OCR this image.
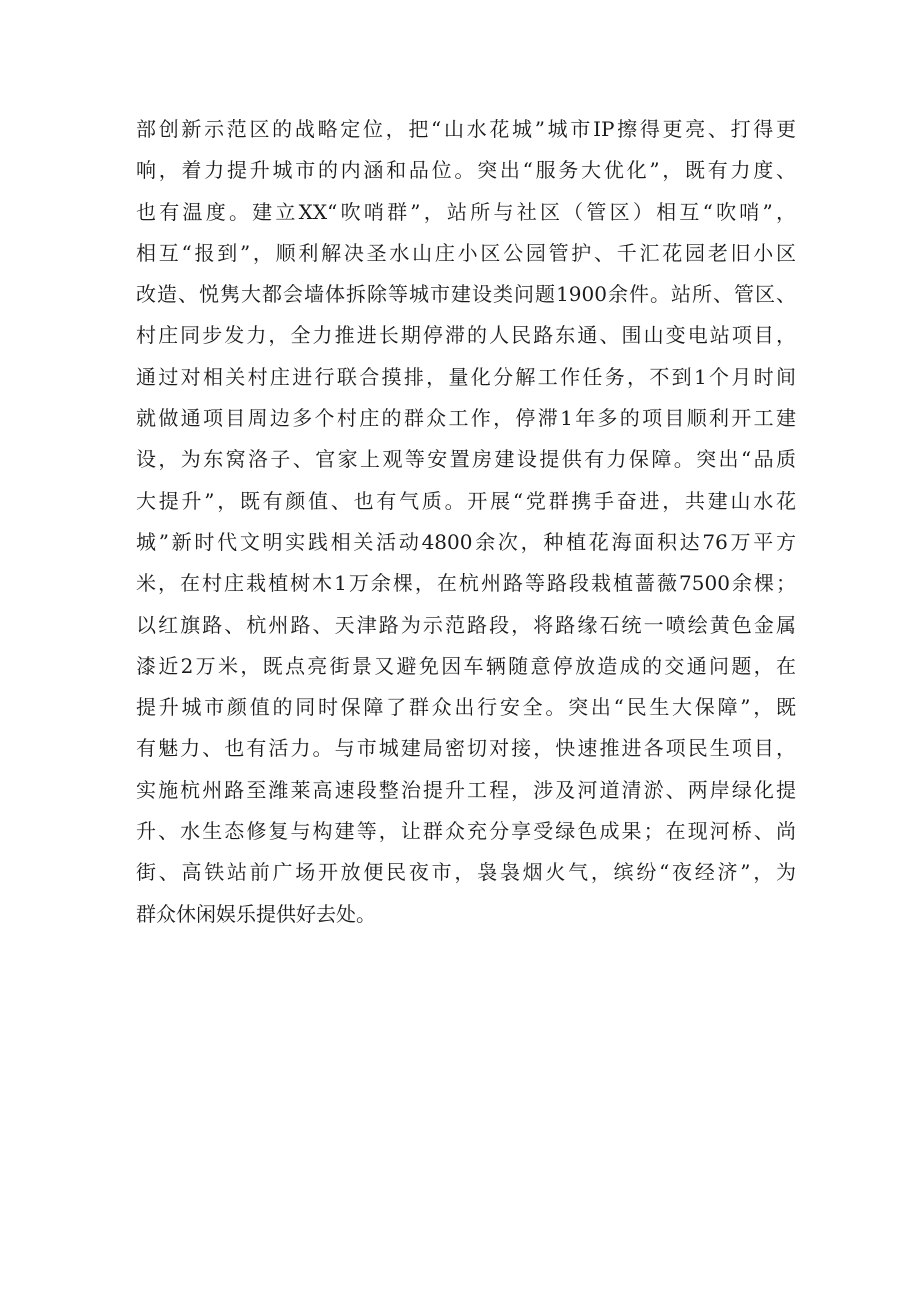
部创新示范区的战略定位，把“山水花城”城市IP擦得更亮、打得更
响，着力提升城市的内涵和品位。突出“服务大优化”，既有力度、
也有温度。建立XX“吹哨群”，站所与社区（管区）相互“吹哨”，
相互“报到”，顺利解决圣水山庄小区公园管护、千汇花园老旧小区
改造、悦隽大都会墙体拆除等城市建设类问题1900余件。站所、管区、
村庄同步发力，全力推进长期停滞的人民路东通、围山变电站项目，
通过对相关村庄进行联合摸排，量化分解工作任务，不到1个月时间
就做通项目周边多个村庄的群众工作，停滞1年多的项目顺利开工建
设，为东窝洛子、官家上观等安置房建设提供有力保障。突出“品质
大提升”，既有颜值、也有气质。开展“党群携手奋进，共建山水花
城”新时代文明实践相关活动4800余次，种植花海面积达76万平方
米，在村庄栽植树木1万余棵，在杭州路等路段栽植蔷薇7500余棵；
以红旗路、杭州路、天津路为示范路段，将路缘石统一喷绘黄色金属
漆近2万米，既点亮街景又避免因车辆随意停放造成的交通问题，在
提升城市颜值的同时保障了群众出行安全。突出“民生大保障”，既
有魅力、也有活力。与市城建局密切对接，快速推进各项民生项目，
实施杭州路至潍莱高速段整治提升工程，涉及河道清淤、两岸绿化提
升、水生态修复与构建等，让群众充分享受绿色成果；在现河桥、尚
街、高铁站前广场开放便民夜市，袅袅烟火气，缤纷“夜经济”，为
群众休闲娱乐提供好去处。
